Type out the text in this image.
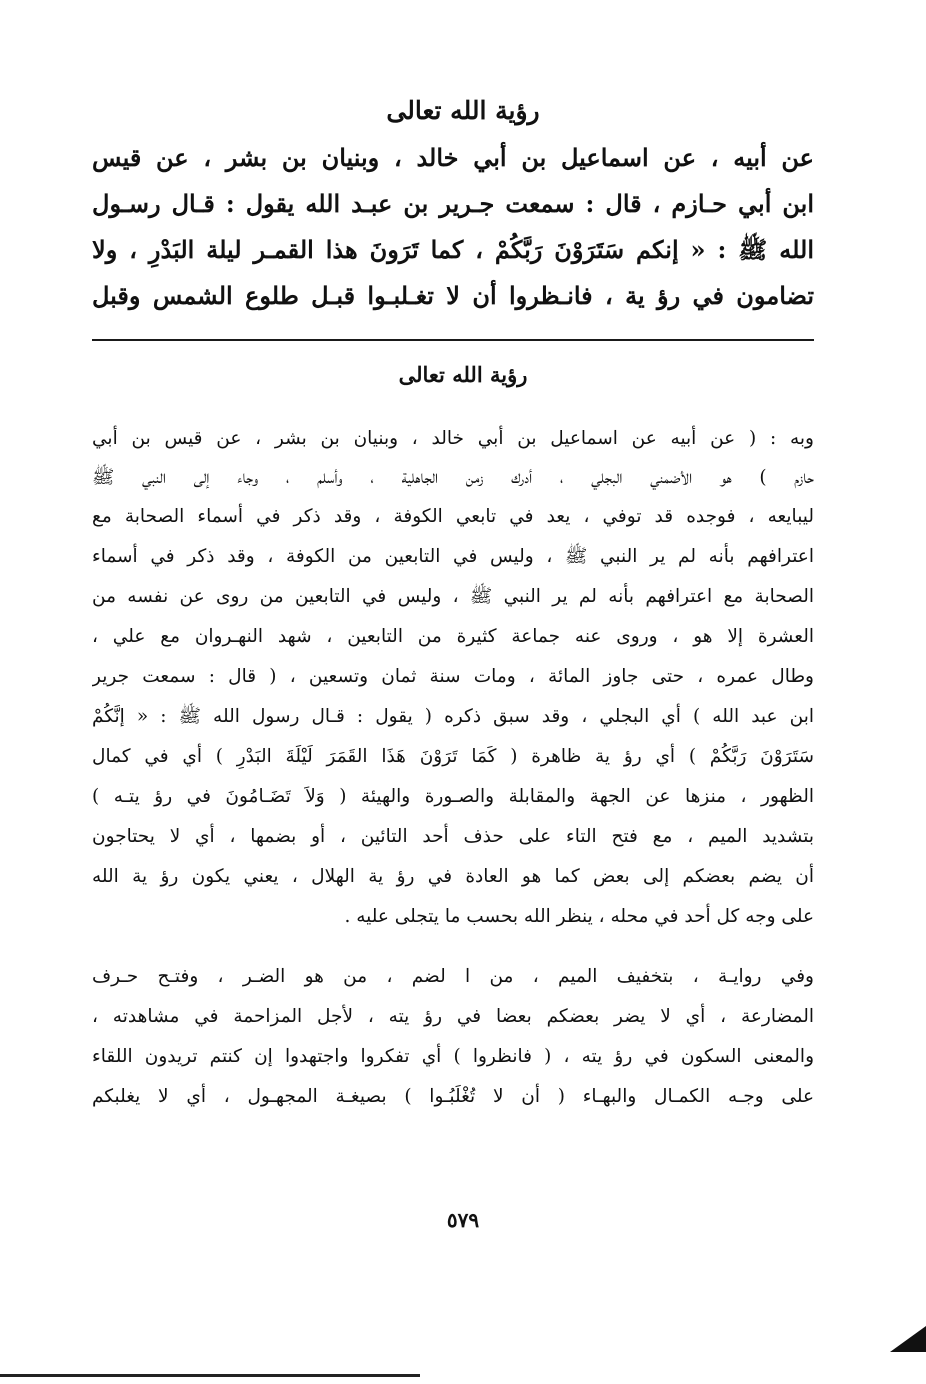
رؤية الله تعالى
عن أبيه ، عن اسماعيل بن أبي خالد ، وبنيان بن بشر ، عن قيس
ابن أبي حـازم ، قال : سمعت جـرير بن عبـد الله يقول : قـال رسـول
الله ﷺ : « إنكم سَتَرَوْنَ رَبَّكُمْ ، كما تَرَونَ هذا القمـر ليلة البَدْرِ ، ولا
تضامون في رؤ ية ، فانـظروا أن لا تغـلبـوا قبـل طلوع الشمس وقبل
رؤية الله تعالى
وبه : ( عن أبيه عن اسماعيل بن أبي خالد ، وبنيان بن بشر ، عن قيس بن أبي
حازم ) هو الأضمني البجلي ، أدرك زمن الجاهلية ، وأسلم ، وجاء إلى النبي ﷺ
ليبايعه ، فوجده قد توفي ، يعد في تابعي الكوفة ، وقد ذكر في أسماء الصحابة مع
اعترافهم بأنه لم ير النبي ﷺ ، وليس في التابعين من الكوفة ، وقد ذكر في أسماء
الصحابة مع اعترافهم بأنه لم ير النبي ﷺ ، وليس في التابعين من روى عن نفسه من
العشرة إلا هو ، وروى عنه جماعة كثيرة من التابعين ، شهد النهـروان مع علي ،
وطال عمره ، حتى جاوز المائة ، ومات سنة ثمان وتسعين ، ( قال : سمعت جرير
ابن عبد الله ) أي البجلي ، وقد سبق ذكره ( يقول : قـال رسول الله ﷺ : « إنَّكُمْ
سَتَرَوْنَ رَبَّكُمْ ) أي رؤ ية ظاهرة ( كَمَا تَرَوْنَ هَذَا القَمَرَ لَيْلَةَ البَدْرِ ) أي في كمال
الظهور ، منزها عن الجهة والمقابلة والصـورة والهيئة ( وَلاَ تَضَـامُونَ في رؤ يتـه )
بتشديد الميم ، مع فتح التاء على حذف أحد التائين ، أو بضمها ، أي لا يحتاجون
أن يضم بعضكم إلى بعض كما هو العادة في رؤ ية الهلال ، يعني يكون رؤ ية الله
على وجه كل أحد في محله ، ينظر الله بحسب ما يتجلى عليه .
وفي روايـة ، بتخفيف الميم ، من ا لضم ، من هو الضـر ، وفتـح حـرف
المضارعة ، أي لا يضر بعضكم بعضا في رؤ يته ، لأجل المزاحمة في مشاهدته ،
والمعنى السكون في رؤ يته ، ( فانظروا ) أي تفكروا واجتهدوا إن كنتم تريدون اللقاء
على وجـه الكمـال والبهـاء ( أن لا تُغْلَبُـوا ) بصيغـة المجهـول ، أي لا يغلبكم
٥٧٩
